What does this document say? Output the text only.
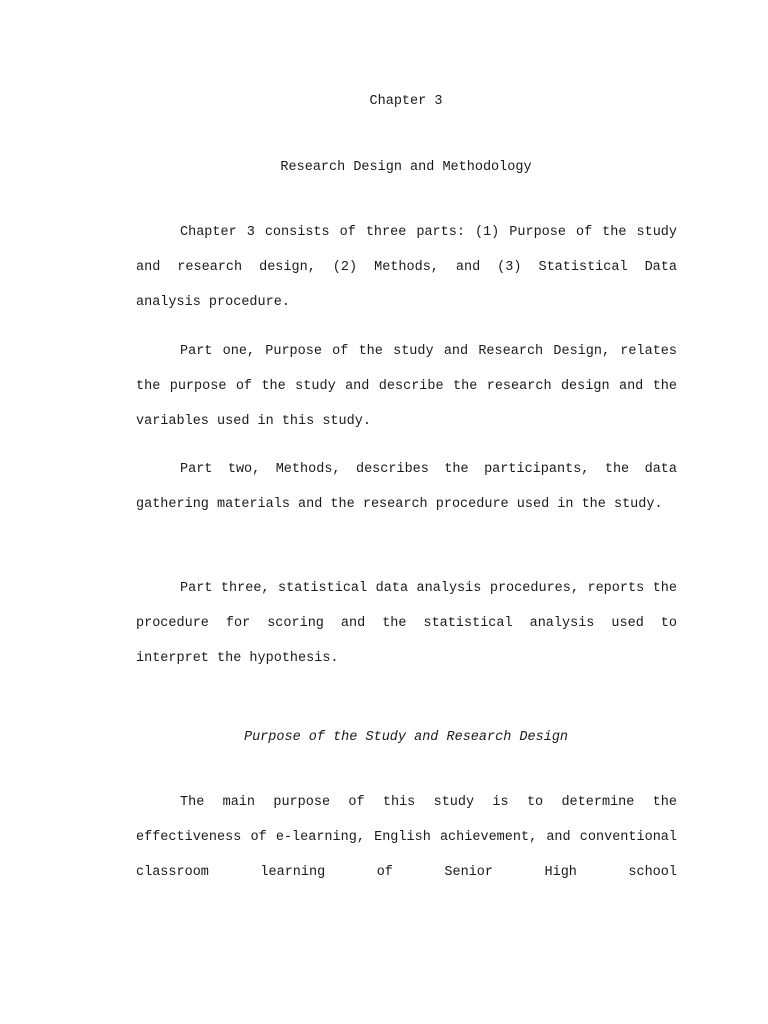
Chapter 3
Research Design and Methodology

Chapter 3 consists of three parts: (1) Purpose of the study and research design, (2) Methods, and (3) Statistical Data analysis procedure.

Part one, Purpose of the study and Research Design, relates the purpose of the study and describe the research design and the variables used in this study.

Part two, Methods, describes the participants, the data gathering materials and the research procedure used in the study.

Part three, statistical data analysis procedures, reports the procedure for scoring and the statistical analysis used to interpret the hypothesis.

Purpose of the Study and Research Design

The main purpose of this study is to determine the effectiveness of e-learning, English achievement, and conventional classroom learning of Senior High school
